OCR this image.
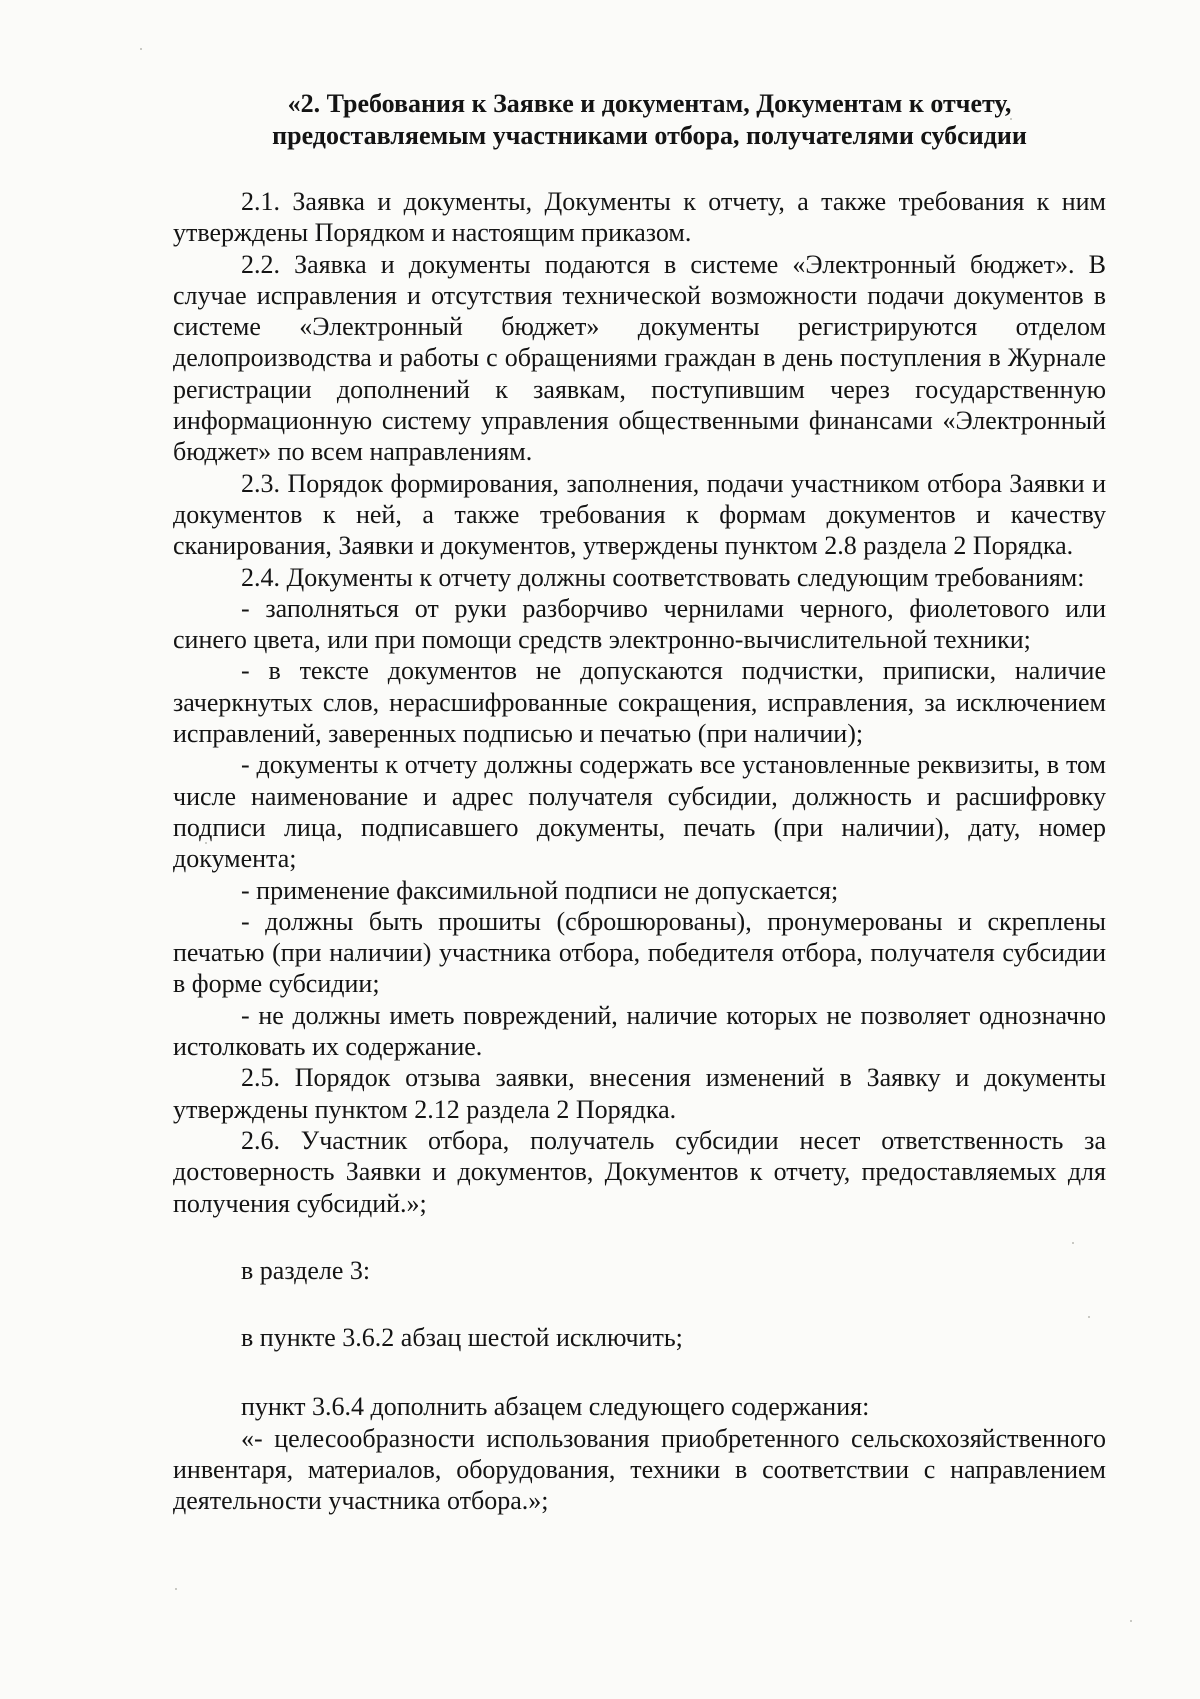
«2. Требования к Заявке и документам, Документам к отчету,
предоставляемым участниками отбора, получателями субсидии

2.1. Заявка и документы, Документы к отчету, а также требования к ним утверждены Порядком и настоящим приказом.

2.2. Заявка и документы подаются в системе «Электронный бюджет». В случае исправления и отсутствия технической возможности подачи документов в системе «Электронный бюджет» документы регистрируются отделом делопроизводства и работы с обращениями граждан в день поступления в Журнале регистрации дополнений к заявкам, поступившим через государственную информационную систему управления общественными финансами «Электронный бюджет» по всем направлениям.

2.3. Порядок формирования, заполнения, подачи участником отбора Заявки и документов к ней, а также требования к формам документов и качеству сканирования, Заявки и документов, утверждены пунктом 2.8 раздела 2 Порядка.

2.4. Документы к отчету должны соответствовать следующим требованиям:

- заполняться от руки разборчиво чернилами черного, фиолетового или синего цвета, или при помощи средств электронно-вычислительной техники;

- в тексте документов не допускаются подчистки, приписки, наличие зачеркнутых слов, нерасшифрованные сокращения, исправления, за исключением исправлений, заверенных подписью и печатью (при наличии);

- документы к отчету должны содержать все установленные реквизиты, в том числе наименование и адрес получателя субсидии, должность и расшифровку подписи лица, подписавшего документы, печать (при наличии), дату, номер документа;

- применение факсимильной подписи не допускается;

- должны быть прошиты (сброшюрованы), пронумерованы и скреплены печатью (при наличии) участника отбора, победителя отбора, получателя субсидии в форме субсидии;

- не должны иметь повреждений, наличие которых не позволяет однозначно истолковать их содержание.

2.5. Порядок отзыва заявки, внесения изменений в Заявку и документы утверждены пунктом 2.12 раздела 2 Порядка.

2.6. Участник отбора, получатель субсидии несет ответственность за достоверность Заявки и документов, Документов к отчету, предоставляемых для получения субсидий.»;

в разделе 3:

в пункте 3.6.2 абзац шестой исключить;

пункт 3.6.4 дополнить абзацем следующего содержания:

«- целесообразности использования приобретенного сельскохозяйственного инвентаря, материалов, оборудования, техники в соответствии с направлением деятельности участника отбора.»;
